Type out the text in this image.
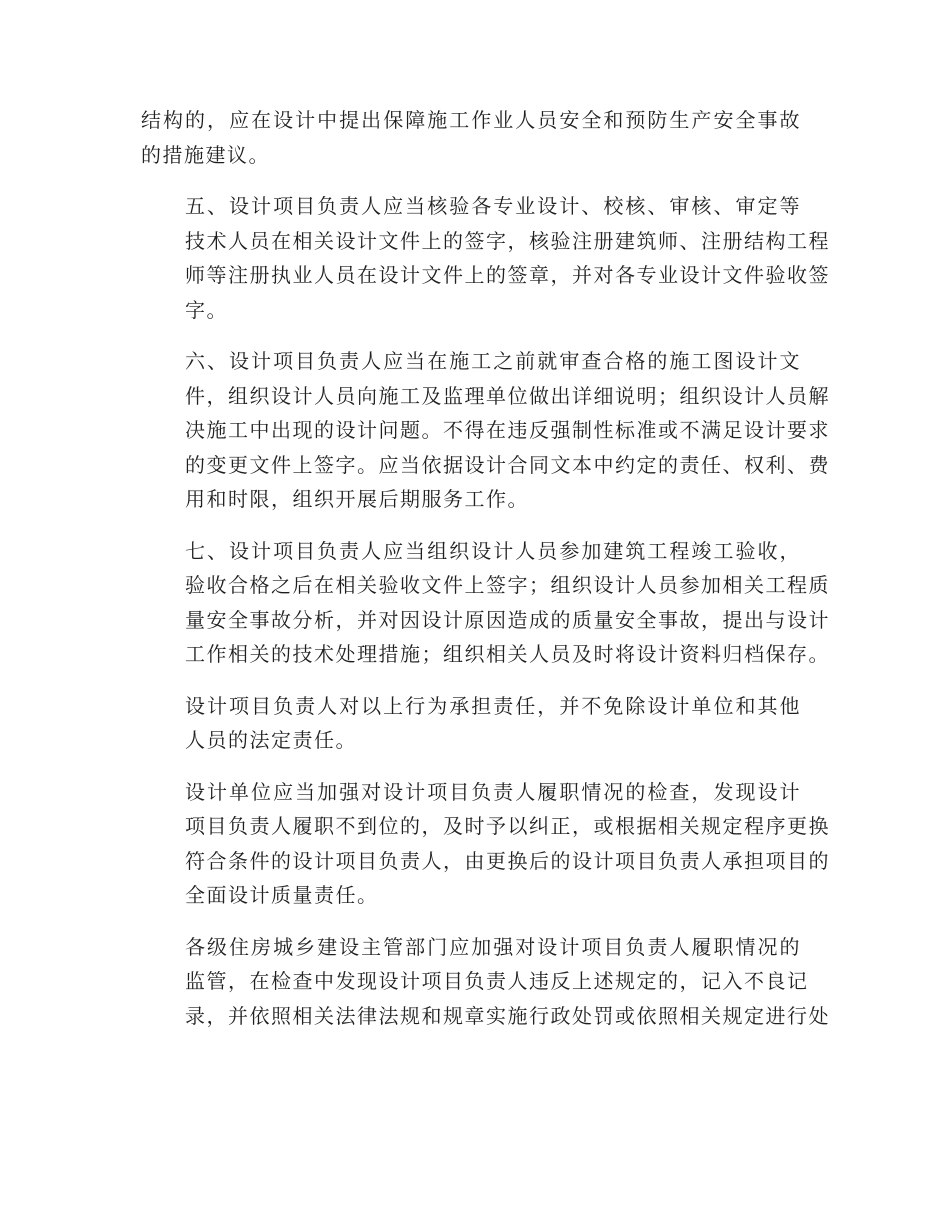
结构的，应在设计中提出保障施工作业人员安全和预防生产安全事故
的措施建议。

五、设计项目负责人应当核验各专业设计、校核、审核、审定等
技术人员在相关设计文件上的签字，核验注册建筑师、注册结构工程
师等注册执业人员在设计文件上的签章，并对各专业设计文件验收签
字。

六、设计项目负责人应当在施工之前就审查合格的施工图设计文
件，组织设计人员向施工及监理单位做出详细说明；组织设计人员解
决施工中出现的设计问题。不得在违反强制性标准或不满足设计要求
的变更文件上签字。应当依据设计合同文本中约定的责任、权利、费
用和时限，组织开展后期服务工作。

七、设计项目负责人应当组织设计人员参加建筑工程竣工验收，
验收合格之后在相关验收文件上签字；组织设计人员参加相关工程质
量安全事故分析，并对因设计原因造成的质量安全事故，提出与设计
工作相关的技术处理措施；组织相关人员及时将设计资料归档保存。

设计项目负责人对以上行为承担责任，并不免除设计单位和其他
人员的法定责任。

设计单位应当加强对设计项目负责人履职情况的检查，发现设计
项目负责人履职不到位的，及时予以纠正，或根据相关规定程序更换
符合条件的设计项目负责人，由更换后的设计项目负责人承担项目的
全面设计质量责任。

各级住房城乡建设主管部门应加强对设计项目负责人履职情况的
监管，在检查中发现设计项目负责人违反上述规定的，记入不良记
录，并依照相关法律法规和规章实施行政处罚或依照相关规定进行处
